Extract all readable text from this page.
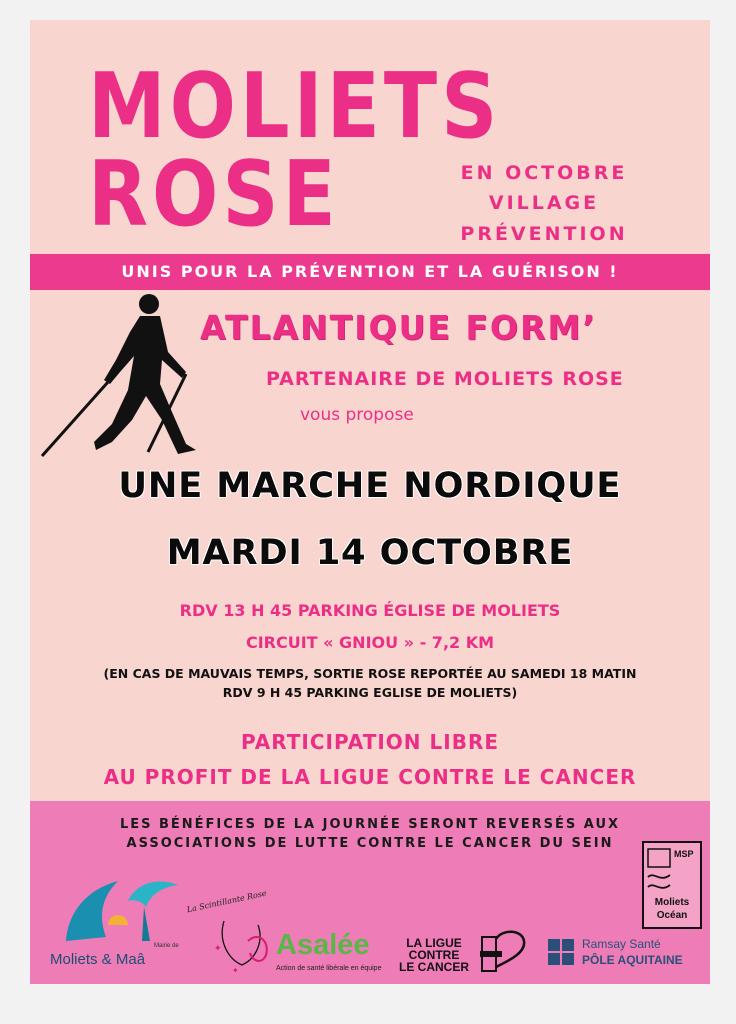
MOLIETS
ROSE	EN OCTOBRE
VILLAGE
PRÉVENTION
UNIS POUR LA PRÉVENTION ET LA GUÉRISON !
ATLANTIQUE FORM’
PARTENAIRE DE MOLIETS ROSE
vous propose
UNE MARCHE NORDIQUE
MARDI 14 OCTOBRE
RDV 13 H 45 PARKING ÉGLISE DE MOLIETS
CIRCUIT « GNIOU » - 7,2 KM
(EN CAS DE MAUVAIS TEMPS, SORTIE ROSE REPORTÉE AU SAMEDI 18 MATIN
RDV 9 H 45 PARKING EGLISE DE MOLIETS)
PARTICIPATION LIBRE
AU PROFIT DE LA LIGUE CONTRE LE CANCER
LES BÉNÉFICES DE LA JOURNÉE SERONT REVERSÉS AUX
ASSOCIATIONS DE LUTTE CONTRE LE CANCER DU SEIN
Mairie de
Moliets & Maâ
La Scintillante Rose
✦
✦
Asalée
Action de santé libérale en équipe
LA LIGUE
CONTRE
LE CANCER
Ramsay Santé
PÔLE AQUITAINE
MSP
Moliets
Océan
